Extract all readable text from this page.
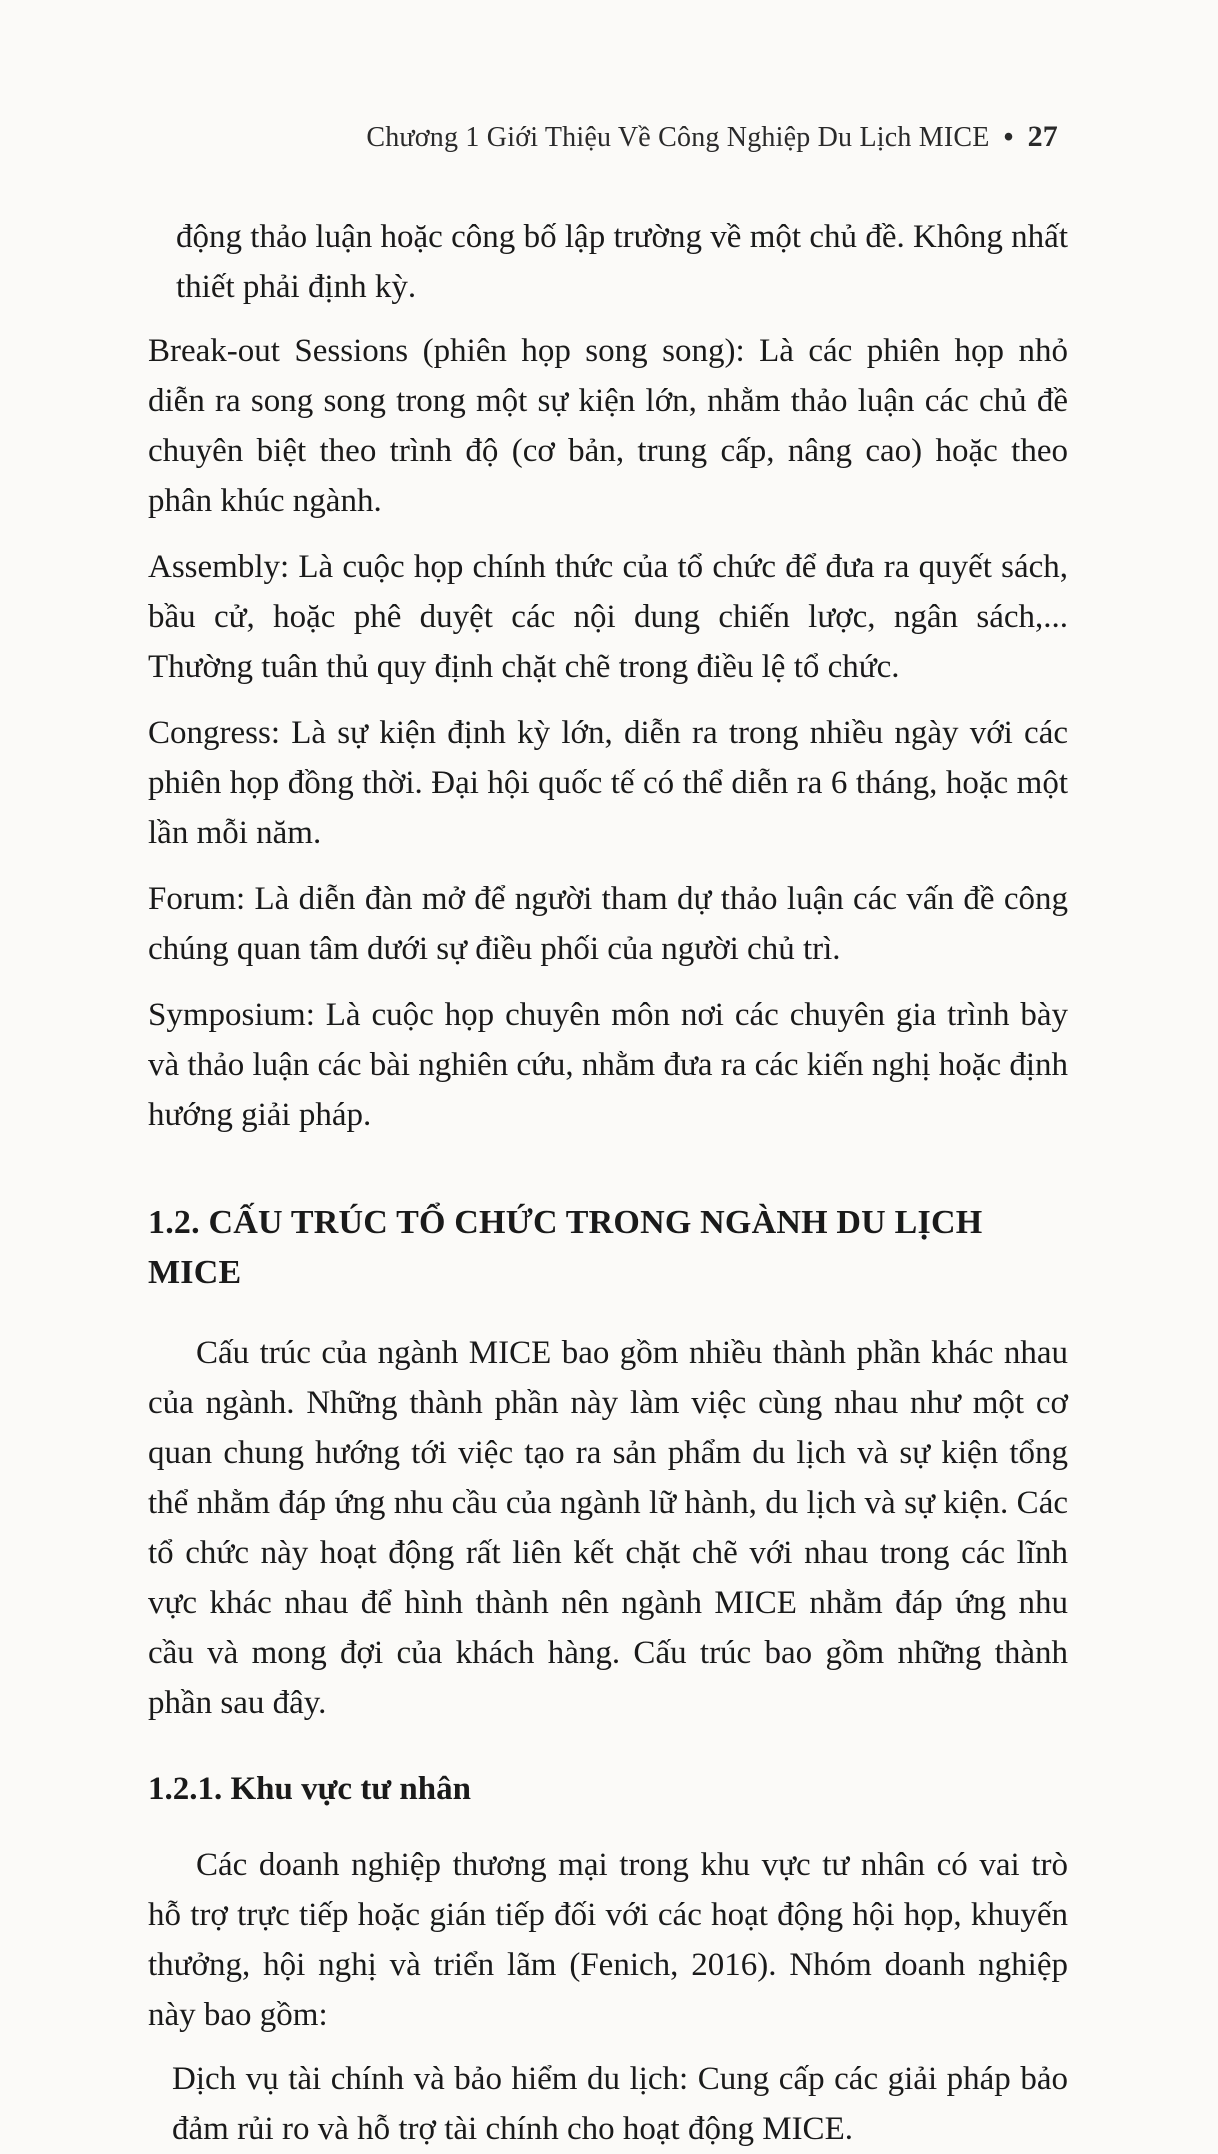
Chương 1 Giới Thiệu Về Công Nghiệp Du Lịch MICE • 27

động thảo luận hoặc công bố lập trường về một chủ đề. Không nhất thiết phải định kỳ.

Break-out Sessions (phiên họp song song): Là các phiên họp nhỏ diễn ra song song trong một sự kiện lớn, nhằm thảo luận các chủ đề chuyên biệt theo trình độ (cơ bản, trung cấp, nâng cao) hoặc theo phân khúc ngành.

Assembly: Là cuộc họp chính thức của tổ chức để đưa ra quyết sách, bầu cử, hoặc phê duyệt các nội dung chiến lược, ngân sách,... Thường tuân thủ quy định chặt chẽ trong điều lệ tổ chức.

Congress: Là sự kiện định kỳ lớn, diễn ra trong nhiều ngày với các phiên họp đồng thời. Đại hội quốc tế có thể diễn ra 6 tháng, hoặc một lần mỗi năm.

Forum: Là diễn đàn mở để người tham dự thảo luận các vấn đề công chúng quan tâm dưới sự điều phối của người chủ trì.

Symposium: Là cuộc họp chuyên môn nơi các chuyên gia trình bày và thảo luận các bài nghiên cứu, nhằm đưa ra các kiến nghị hoặc định hướng giải pháp.

1.2. CẤU TRÚC TỔ CHỨC TRONG NGÀNH DU LỊCH MICE

Cấu trúc của ngành MICE bao gồm nhiều thành phần khác nhau của ngành. Những thành phần này làm việc cùng nhau như một cơ quan chung hướng tới việc tạo ra sản phẩm du lịch và sự kiện tổng thể nhằm đáp ứng nhu cầu của ngành lữ hành, du lịch và sự kiện. Các tổ chức này hoạt động rất liên kết chặt chẽ với nhau trong các lĩnh vực khác nhau để hình thành nên ngành MICE nhằm đáp ứng nhu cầu và mong đợi của khách hàng. Cấu trúc bao gồm những thành phần sau đây.

1.2.1. Khu vực tư nhân

Các doanh nghiệp thương mại trong khu vực tư nhân có vai trò hỗ trợ trực tiếp hoặc gián tiếp đối với các hoạt động hội họp, khuyến thưởng, hội nghị và triển lãm (Fenich, 2016). Nhóm doanh nghiệp này bao gồm:

Dịch vụ tài chính và bảo hiểm du lịch: Cung cấp các giải pháp bảo đảm rủi ro và hỗ trợ tài chính cho hoạt động MICE.
